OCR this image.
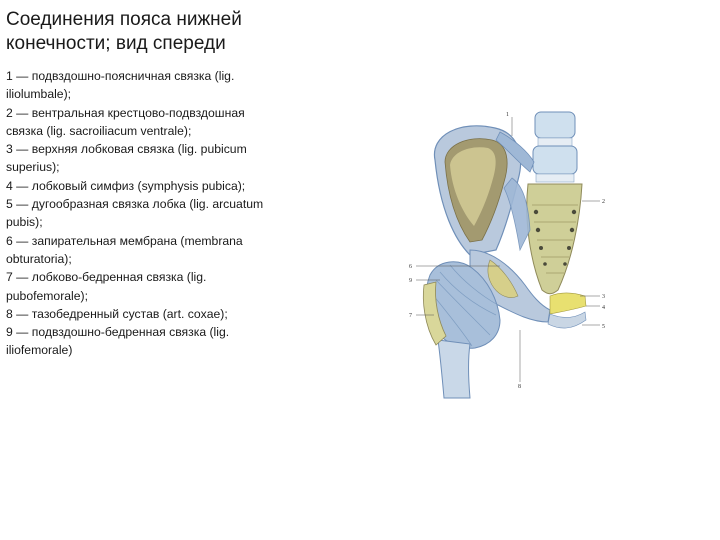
Соединения пояса нижней конечности; вид спереди
1 — подвздошно-поясничная связка (lig. iliolumbale);
2 — вентральная крестцово-подвздошная связка (lig. sacroiliacum ventrale);
3 — верхняя лобковая связка (lig. pubicum superius);
4 — лобковый симфиз (symphysis pubica);
5 — дугообразная связка лобка (lig. arcuatum pubis);
6 — запирательная мембрана (membrana obturatoria);
7 — лобково-бедренная связка (lig. pubofemorale);
8 — тазобедренный сустав (art. coxae);
9 — подвздошно-бедренная связка (lig. iliofemorale)
1
2
3
4
5
6
7
8
9
